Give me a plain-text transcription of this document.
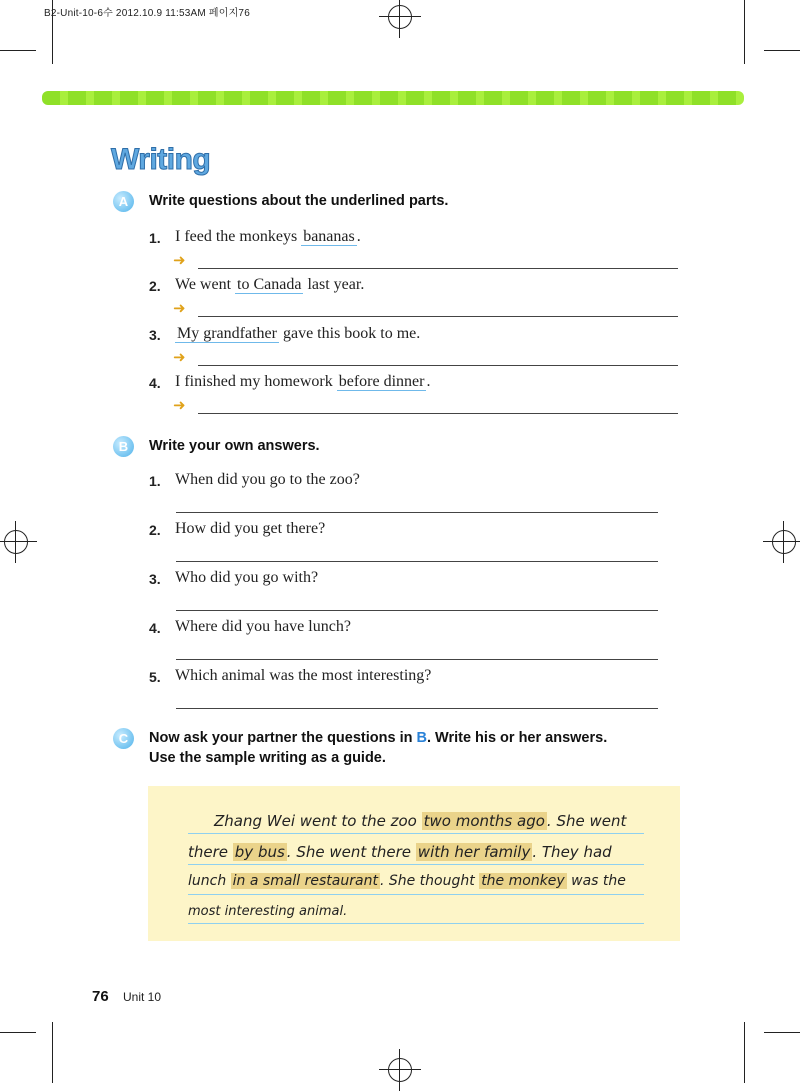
B2-Unit-10-6수 2012.10.9 11:53AM 페이지76
Writing
A	Write questions about the underlined parts.
1. I feed the monkeys bananas .
➜
2. We went to Canada last year.
➜
3. My grandfather gave this book to me.
➜
4. I finished my homework before dinner .
➜
B	Write your own answers.
1. When did you go to the zoo?
2. How did you get there?
3. Who did you go with?
4. Where did you have lunch?
5. Which animal was the most interesting?
C	Now ask your partner the questions in B. Write his or her answers.
Use the sample writing as a guide.
Zhang Wei went to the zoo two months ago . She went
there by bus . She went there with her family . They had
lunch in a small restaurant . She thought the monkey was the
most interesting animal.
76 Unit 10
